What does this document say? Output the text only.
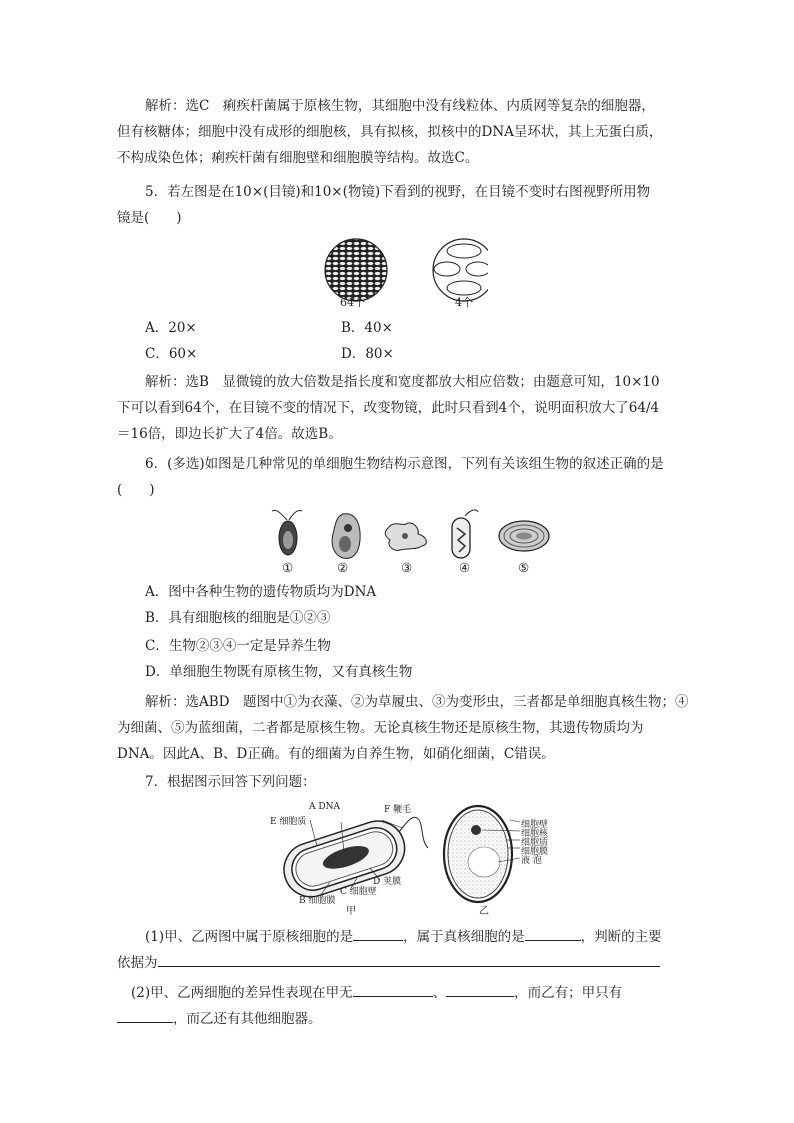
解析：选C　痢疾杆菌属于原核生物，其细胞中没有线粒体、内质网等复杂的细胞器，
但有核糖体；细胞中没有成形的细胞核，具有拟核，拟核中的DNA呈环状，其上无蛋白质，
不构成染色体；痢疾杆菌有细胞壁和细胞膜等结构。故选C。
5．若左图是在10×(目镜)和10×(物镜)下看到的视野，在目镜不变时右图视野所用物
镜是(　　)
64个	4个
A．20×	B．40×
C．60×	D．80×
解析：选B　显微镜的放大倍数是指长度和宽度都放大相应倍数；由题意可知，10×10
下可以看到64个，在目镜不变的情况下，改变物镜，此时只看到4个，说明面积放大了64/4
＝16倍，即边长扩大了4倍。故选B。
6．(多选)如图是几种常见的单细胞生物结构示意图，下列有关该组生物的叙述正确的是
(　　)
①	②	③	④	⑤
A．图中各种生物的遗传物质均为DNA
B．具有细胞核的细胞是①②③
C．生物②③④一定是异养生物
D．单细胞生物既有原核生物，又有真核生物
解析：选ABD　题图中①为衣藻、②为草履虫、③为变形虫，三者都是单细胞真核生物；④
为细菌、⑤为蓝细菌，二者都是原核生物。无论真核生物还是原核生物，其遗传物质均为
DNA。因此A、B、D正确。有的细菌为自养生物，如硝化细菌，C错误。
7．根据图示回答下列问题：
A DNA
E 细胞质
F 鞭毛
D 荚膜
C 细胞壁
B 细胞膜
甲
细胞壁
细胞核
细胞质
细胞膜
液 泡
乙
(1)甲、乙两图中属于原核细胞的是	，属于真核细胞的是	，判断的主要
依据为
(2)甲、乙两细胞的差异性表现在甲无	、	，而乙有；甲只有
，而乙还有其他细胞器。
